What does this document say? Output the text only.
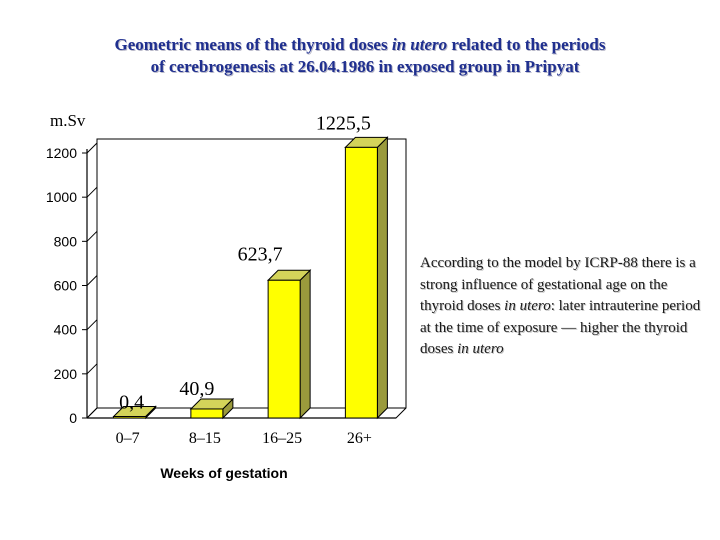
Geometric means of the thyroid doses in utero related to the periods
of cerebrogenesis at 26.04.1986 in exposed group in Pripyat
0
200
400
600
800
1000
1200
m.Sv
0,4
0–7
40,9
8–15
623,7
16–25
1225,5
26+
Weeks of gestation
According to the model by ICRP-88 there is a strong influence of gestational age on the thyroid doses in utero: later intrauterine period at the time of exposure — higher the thyroid doses in utero
